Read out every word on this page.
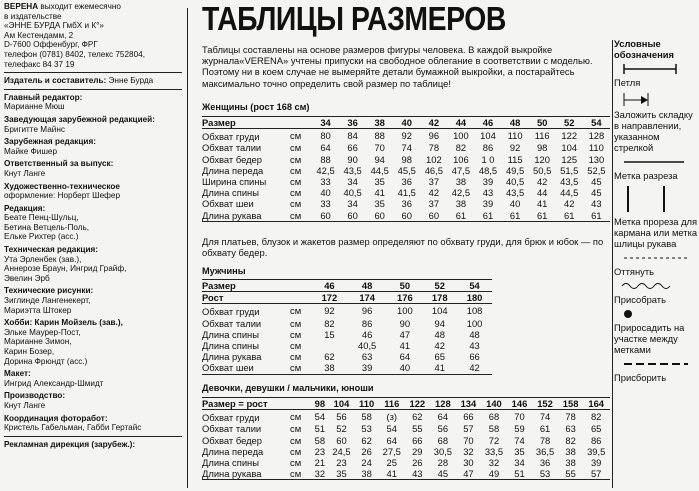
ВЕРЕНА выходит ежемесячно
в издательстве
«ЭННЕ БУРДА ГмбХ и К°»
Ам Кестендамм, 2
D-7600 Оффенбург, ФРГ
телефон (0781) 8402, телекс 752804,
телефакс 84 37 19
Издатель и составитель: Энне Бурда
Главный редактор:
Марианне Мюш
Заведующая зарубежной редакцией:
Бригитте Майнс
Зарубежная редакция:
Майке Фишер
Ответственный за выпуск:
Кнут Ланге
Художественно-техническое
оформление: Норберт Шефер
Редакция:
Беате Пенц-Шульц,
Бетина Ветцель-Поль,
Елькe Рихтер (асс.)
Техническая редакция:
Ута Эрленбек (зав.),
Аннерозе Браун, Ингрид Грайф,
Эвелин Эрб
Технические рисунки:
Зиглинде Лангенекерт,
Мариэтта Штокер
Хобби: Карин Мойзель (зав.),
Элькe Маурер-Пост,
Марианне Зимон,
Карин Бозер,
Дорина Фрюндт (асс.)
Макет:
Ингрид Александр-Шмидт
Производство:
Кнут Ланге
Координация фоторабот:
Кристель Габельман, Габби Гертайс
Рекламная дирекция (зарубеж.):
ТАБЛИЦЫ РАЗМЕРОВ
Таблицы составлены на основе размеров фигуры человека. В каждой выкройке журнала«VERENA» учтены припуски на свободное облегание в соответствии с моделью. Поэтому ни в коем случае не вымеряйте детали бумажной выкройки, а постарайтесь максимально точно определить свой размер по таблице!
Женщины (рост 168 см)
Размер		34	36	38	40	42	44	46	48	50	52	54
Обхват груди	см	80	84	88	92	96	100	104	110	116	122	128
Обхват талии	см	64	66	70	74	78	82	86	92	98	104	110
Обхват бедер	см	88	90	94	98	102	106	1 0	115	120	125	130
Длина переда	см	42,5	43,5	44,5	45,5	46,5	47,5	48,5	49,5	50,5	51,5	52,5
Ширина спины	см	33	34	35	36	37	38	39	40,5	42	43,5	45
Длина спины	см	40	40,5	41	41,5	42	42,5	43	43,5	44	44,5	45
Обхват шеи	см	33	34	35	36	37	38	39	40	41	42	43
Длина рукава	см	60	60	60	60	60	61	61	61	61	61	61
Для платьев, блузок и жакетов размер определяют по обхвату груди, для брюк и юбок — по обхвату бедер.
Мужчины
Размер		46	48	50	52	54
Рост		172	174	176	178	180
Обхват груди	см	92	96	100	104	108
Обхват талии	см	82	86	90	94	100
Длина спины	см	15	46	47	48	48
Длина спины	см		40,5	41	42	43
Длина рукава	см	62	63	64	65	66
Обхват шеи	см	38	39	40	41	42
Девочки, девушки / мальчики, юноши
Размер = рост		98	104	110	116	122	128	134	140	146	152	158	164
Обхват груди	см	54	56	58	(з)	62	64	66	68	70	74	78	82
Обхват талии	см	51	52	53	54	55	56	57	58	59	61	63	65
Обхват бедер	см	58	60	62	64	66	68	70	72	74	78	82	86
Длина переда	см	23	24,5	26	27,5	29	30,5	32	33,5	35	36,5	38	39,5
Длина спины	см	21	23	24	25	26	28	30	32	34	36	38	39
Длина рукава	см	32	35	38	41	43	45	47	49	51	53	55	57
Условные обозначения
Петля
Заложить складку в направлении, указанном стрелкой
Метка разреза
Метка прореза для кармана или метка шлицы рукава
Оттянуть
Присобрать
Приросадить на участке между метками
Присборить
